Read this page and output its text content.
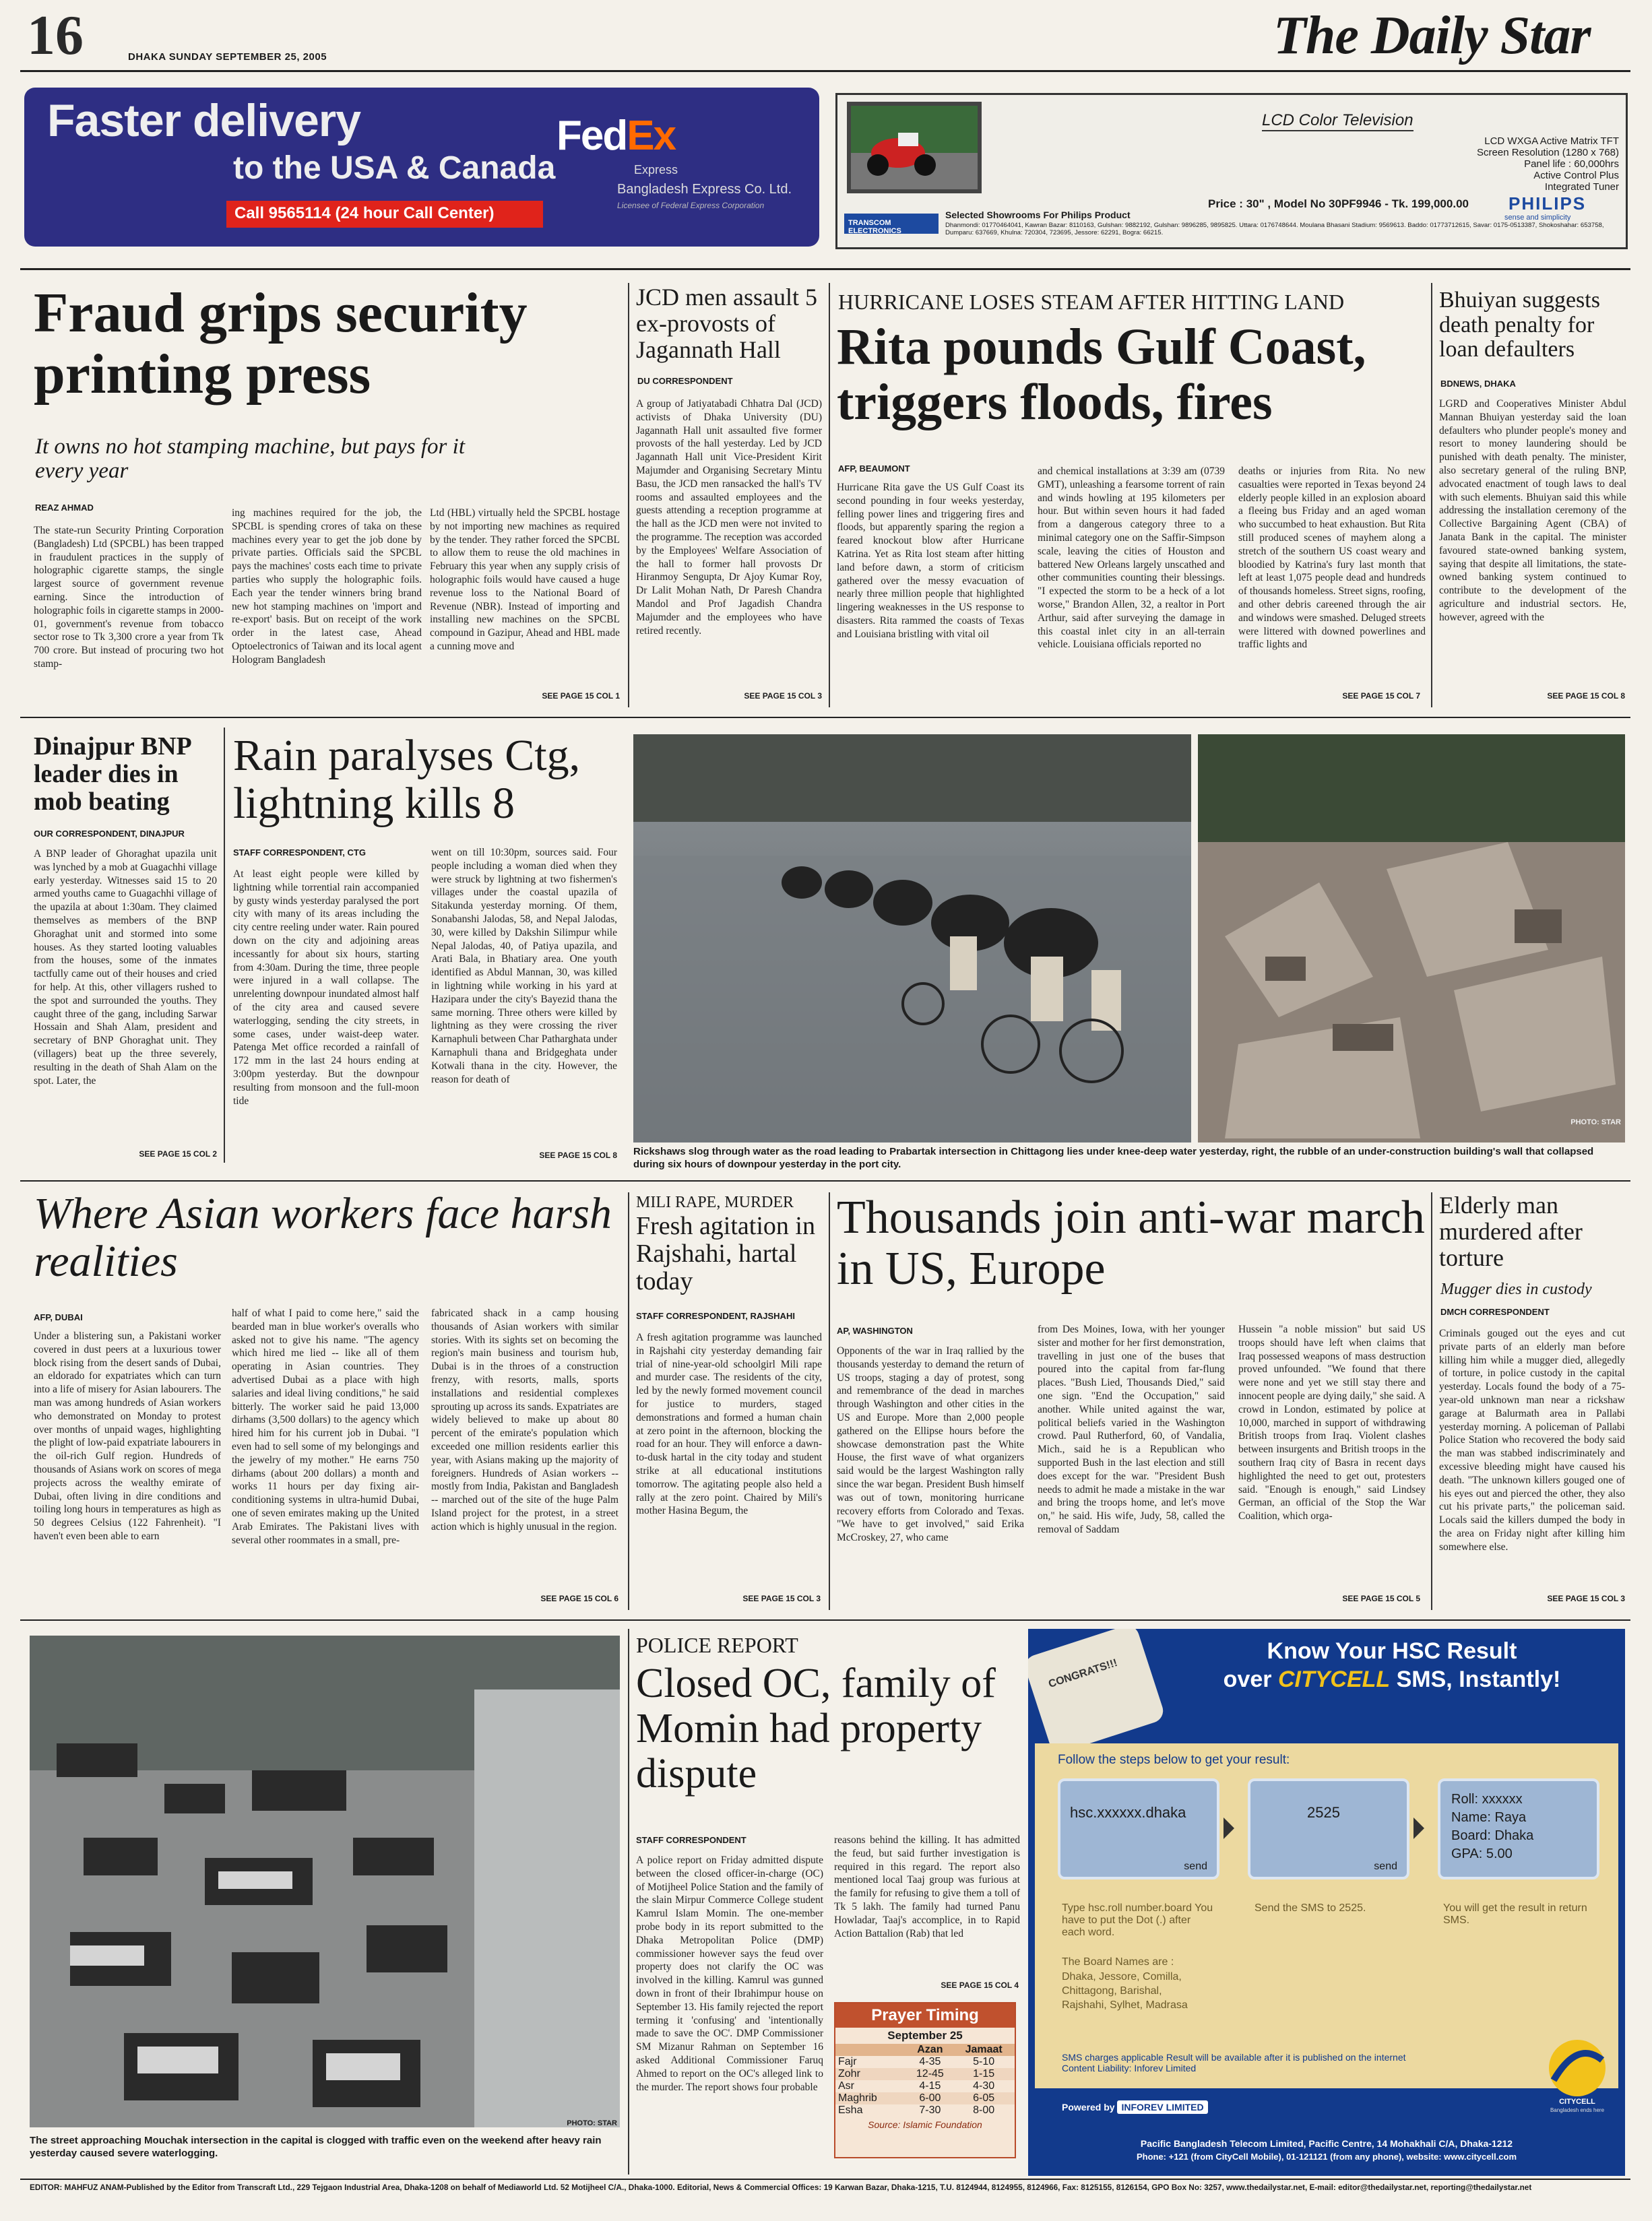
16	DHAKA SUNDAY SEPTEMBER 25, 2005	The Daily Star
Faster delivery
to the USA & Canada
Call 9565114 (24 hour Call Center)
FedEx
Express
Bangladesh Express Co. Ltd.
Licensee of Federal Express Corporation
LCD Color Television
LCD WXGA Active Matrix TFT
Screen Resolution (1280 x 768)
Panel life : 60,000hrs
Active Control Plus
Integrated Tuner
Price : 30" , Model No 30PF9946 - Tk. 199,000.00 PHILIPS
sense and simplicity
TRANSCOM ELECTRONICS
Selected Showrooms For Philips Product
Dhanmondi: 01770464041, Kawran Bazar: 8110163, Gulshan: 9882192, Gulshan: 9896285, 9895825. Uttara: 0176748644. Moulana Bhasani Stadium: 9569613. Baddo: 01773712615, Savar: 0175-0513387, Shokoshahar: 653758, Dumparu: 637669, Khulna: 720304, 723695, Jessore: 62291, Bogra: 66215.
Fraud grips security printing press
It owns no hot stamping machine, but pays for it every year
REAZ AHMAD
The state-run Security Printing Corporation (Bangladesh) Ltd (SPCBL) has been trapped in fraudulent practices in the supply of holographic cigarette stamps, the single largest source of government revenue earning. Since the introduction of holographic foils in cigarette stamps in 2000-01, government's revenue from tobacco sector rose to Tk 3,300 crore a year from Tk 700 crore. But instead of procuring two hot stamp-
ing machines required for the job, the SPCBL is spending crores of taka on these machines every year to get the job done by private parties. Officials said the SPCBL pays the machines' costs each time to private parties who supply the holographic foils. Each year the tender winners bring brand new hot stamping machines on 'import and re-export' basis. But on receipt of the work order in the latest case, Ahead Optoelectronics of Taiwan and its local agent Hologram Bangladesh
Ltd (HBL) virtually held the SPCBL hostage by not importing new machines as required by the tender. They rather forced the SPCBL to allow them to reuse the old machines in February this year when any supply crisis of holographic foils would have caused a huge revenue loss to the National Board of Revenue (NBR). Instead of importing and installing new machines on the SPCBL compound in Gazipur, Ahead and HBL made a cunning move and
SEE PAGE 15 COL 1
JCD men assault 5 ex-provosts of Jagannath Hall
DU CORRESPONDENT
A group of Jatiyatabadi Chhatra Dal (JCD) activists of Dhaka University (DU) Jagannath Hall unit assaulted five former provosts of the hall yesterday. Led by JCD Jagannath Hall unit Vice-President Kirit Majumder and Organising Secretary Mintu Basu, the JCD men ransacked the hall's TV rooms and assaulted employees and the guests attending a reception programme at the hall as the JCD men were not invited to the programme. The reception was accorded by the Employees' Welfare Association of the hall to former hall provosts Dr Hiranmoy Sengupta, Dr Ajoy Kumar Roy, Dr Lalit Mohan Nath, Dr Paresh Chandra Mandol and Prof Jagadish Chandra Majumder and the employees who have retired recently.
SEE PAGE 15 COL 3
HURRICANE LOSES STEAM AFTER HITTING LAND
Rita pounds Gulf Coast, triggers floods, fires
AFP, BEAUMONT
Hurricane Rita gave the US Gulf Coast its second pounding in four weeks yesterday, felling power lines and triggering fires and floods, but apparently sparing the region a feared knockout blow after Hurricane Katrina. Yet as Rita lost steam after hitting land before dawn, a storm of criticism gathered over the messy evacuation of nearly three million people that highlighted lingering weaknesses in the US response to disasters. Rita rammed the coasts of Texas and Louisiana bristling with vital oil
and chemical installations at 3:39 am (0739 GMT), unleashing a fearsome torrent of rain and winds howling at 195 kilometers per hour. But within seven hours it had faded from a dangerous category three to a minimal category one on the Saffir-Simpson scale, leaving the cities of Houston and battered New Orleans largely unscathed and other communities counting their blessings. "I expected the storm to be a heck of a lot worse," Brandon Allen, 32, a realtor in Port Arthur, said after surveying the damage in this coastal inlet city in an all-terrain vehicle. Louisiana officials reported no
deaths or injuries from Rita. No new casualties were reported in Texas beyond 24 elderly people killed in an explosion aboard a fleeing bus Friday and an aged woman who succumbed to heat exhaustion. But Rita still produced scenes of mayhem along a stretch of the southern US coast weary and bloodied by Katrina's fury last month that left at least 1,075 people dead and hundreds of thousands homeless. Street signs, roofing, and other debris careened through the air and windows were smashed. Deluged streets were littered with downed powerlines and traffic lights and
SEE PAGE 15 COL 7
Bhuiyan suggests death penalty for loan defaulters
BDNEWS, DHAKA
LGRD and Cooperatives Minister Abdul Mannan Bhuiyan yesterday said the loan defaulters who plunder people's money and resort to money laundering should be punished with death penalty. The minister, also secretary general of the ruling BNP, advocated enactment of tough laws to deal with such elements. Bhuiyan said this while addressing the installation ceremony of the Collective Bargaining Agent (CBA) of Janata Bank in the capital. The minister favoured state-owned banking system, saying that despite all limitations, the state-owned banking system continued to contribute to the development of the agriculture and industrial sectors. He, however, agreed with the
SEE PAGE 15 COL 8
Dinajpur BNP leader dies in mob beating
OUR CORRESPONDENT, DINAJPUR
A BNP leader of Ghoraghat upazila unit was lynched by a mob at Guagachhi village early yesterday. Witnesses said 15 to 20 armed youths came to Guagachhi village of the upazila at about 1:30am. They claimed themselves as members of the BNP Ghoraghat unit and stormed into some houses. As they started looting valuables from the houses, some of the inmates tactfully came out of their houses and cried for help. At this, other villagers rushed to the spot and surrounded the youths. They caught three of the gang, including Sarwar Hossain and Shah Alam, president and secretary of BNP Ghoraghat unit. They (villagers) beat up the three severely, resulting in the death of Shah Alam on the spot. Later, the
SEE PAGE 15 COL 2
Rain paralyses Ctg, lightning kills 8
STAFF CORRESPONDENT, CTG
At least eight people were killed by lightning while torrential rain accompanied by gusty winds yesterday paralysed the port city with many of its areas including the city centre reeling under water. Rain poured down on the city and adjoining areas incessantly for about six hours, starting from 4:30am. During the time, three people were injured in a wall collapse. The unrelenting downpour inundated almost half of the city area and caused severe waterlogging, sending the city streets, in some cases, under waist-deep water. Patenga Met office recorded a rainfall of 172 mm in the last 24 hours ending at 3:00pm yesterday. But the downpour resulting from monsoon and the full-moon tide
went on till 10:30pm, sources said. Four people including a woman died when they were struck by lightning at two fishermen's villages under the coastal upazila of Sitakunda yesterday morning. Of them, Sonabanshi Jalodas, 58, and Nepal Jalodas, 30, were killed by Dakshin Silimpur while Nepal Jalodas, 40, of Patiya upazila, and Arati Bala, in Bhatiary area. One youth identified as Abdul Mannan, 30, was killed in lightning while working in his yard at Hazipara under the city's Bayezid thana the same morning. Three others were killed by lightning as they were crossing the river Karnaphuli between Char Patharghata under Karnaphuli thana and Bridgeghata under Kotwali thana in the city. However, the reason for death of
SEE PAGE 15 COL 8
PHOTO: STAR
Rickshaws slog through water as the road leading to Prabartak intersection in Chittagong lies under knee-deep water yesterday, right, the rubble of an under-construction building's wall that collapsed during six hours of downpour yesterday in the port city.
Where Asian workers face harsh realities
AFP, DUBAI
Under a blistering sun, a Pakistani worker covered in dust peers at a luxurious tower block rising from the desert sands of Dubai, an eldorado for expatriates which can turn into a life of misery for Asian labourers. The man was among hundreds of Asian workers who demonstrated on Monday to protest over months of unpaid wages, highlighting the plight of low-paid expatriate labourers in the oil-rich Gulf region. Hundreds of thousands of Asians work on scores of mega projects across the wealthy emirate of Dubai, often living in dire conditions and toiling long hours in temperatures as high as 50 degrees Celsius (122 Fahrenheit). "I haven't even been able to earn
half of what I paid to come here," said the bearded man in blue worker's overalls who asked not to give his name. "The agency which hired me lied -- like all of them operating in Asian countries. They advertised Dubai as a place with high salaries and ideal living conditions," he said bitterly. The worker said he paid 13,000 dirhams (3,500 dollars) to the agency which hired him for his current job in Dubai. "I even had to sell some of my belongings and the jewelry of my mother." He earns 750 dirhams (about 200 dollars) a month and works 11 hours per day fixing air-conditioning systems in ultra-humid Dubai, one of seven emirates making up the United Arab Emirates. The Pakistani lives with several other roommates in a small, pre-
fabricated shack in a camp housing thousands of Asian workers with similar stories. With its sights set on becoming the region's main business and tourism hub, Dubai is in the throes of a construction frenzy, with resorts, malls, sports installations and residential complexes sprouting up across its sands. Expatriates are widely believed to make up about 80 percent of the emirate's population which exceeded one million residents earlier this year, with Asians making up the majority of foreigners. Hundreds of Asian workers -- mostly from India, Pakistan and Bangladesh -- marched out of the site of the huge Palm Island project for the protest, in a street action which is highly unusual in the region.
SEE PAGE 15 COL 6
MILI RAPE, MURDER
Fresh agitation in Rajshahi, hartal today
STAFF CORRESPONDENT, RAJSHAHI
A fresh agitation programme was launched in Rajshahi city yesterday demanding fair trial of nine-year-old schoolgirl Mili rape and murder case. The residents of the city, led by the newly formed movement council for justice to murders, staged demonstrations and formed a human chain at zero point in the afternoon, blocking the road for an hour. They will enforce a dawn-to-dusk hartal in the city today and student strike at all educational institutions tomorrow. The agitating people also held a rally at the zero point. Chaired by Mili's mother Hasina Begum, the
SEE PAGE 15 COL 3
Thousands join anti-war march in US, Europe
AP, WASHINGTON
Opponents of the war in Iraq rallied by the thousands yesterday to demand the return of US troops, staging a day of protest, song and remembrance of the dead in marches through Washington and other cities in the US and Europe. More than 2,000 people gathered on the Ellipse hours before the showcase demonstration past the White House, the first wave of what organizers said would be the largest Washington rally since the war began. President Bush himself was out of town, monitoring hurricane recovery efforts from Colorado and Texas. "We have to get involved," said Erika McCroskey, 27, who came
from Des Moines, Iowa, with her younger sister and mother for her first demonstration, travelling in just one of the buses that poured into the capital from far-flung places. "Bush Lied, Thousands Died," said one sign. "End the Occupation," said another. While united against the war, political beliefs varied in the Washington crowd. Paul Rutherford, 60, of Vandalia, Mich., said he is a Republican who supported Bush in the last election and still does except for the war. "President Bush needs to admit he made a mistake in the war and bring the troops home, and let's move on," he said. His wife, Judy, 58, called the removal of Saddam
Hussein "a noble mission" but said US troops should have left when claims that Iraq possessed weapons of mass destruction proved unfounded. "We found that there were none and yet we still stay there and innocent people are dying daily," she said. A crowd in London, estimated by police at 10,000, marched in support of withdrawing British troops from Iraq. Violent clashes between insurgents and British troops in the southern Iraq city of Basra in recent days highlighted the need to get out, protesters said. "Enough is enough," said Lindsey German, an official of the Stop the War Coalition, which orga-
SEE PAGE 15 COL 5
Elderly man murdered after torture
Mugger dies in custody
DMCH CORRESPONDENT
Criminals gouged out the eyes and cut private parts of an elderly man before killing him while a mugger died, allegedly of torture, in police custody in the capital yesterday. Locals found the body of a 75-year-old unknown man near a rickshaw garage at Balurmath area in Pallabi yesterday morning. A policeman of Pallabi Police Station who recovered the body said the man was stabbed indiscriminately and excessive bleeding might have caused his death. "The unknown killers gouged one of his eyes out and pierced the other, they also cut his private parts," the policeman said. Locals said the killers dumped the body in the area on Friday night after killing him somewhere else.
SEE PAGE 15 COL 3
PHOTO: STAR
The street approaching Mouchak intersection in the capital is clogged with traffic even on the weekend after heavy rain yesterday caused severe waterlogging.
POLICE REPORT
Closed OC, family of Momin had property dispute
STAFF CORRESPONDENT
A police report on Friday admitted dispute between the closed officer-in-charge (OC) of Motijheel Police Station and the family of the slain Mirpur Commerce College student Kamrul Islam Momin. The one-member probe body in its report submitted to the Dhaka Metropolitan Police (DMP) commissioner however says the feud over property does not clarify the OC was involved in the killing. Kamrul was gunned down in front of their Ibrahimpur house on September 13. His family rejected the report terming it 'confusing' and 'intentionally made to save the OC'. DMP Commissioner SM Mizanur Rahman on September 16 asked Additional Commissioner Faruq Ahmed to report on the OC's alleged link to the murder. The report shows four probable
reasons behind the killing. It has admitted the feud, but said further investigation is required in this regard. The report also mentioned local Taaj group was furious at the family for refusing to give them a toll of Tk 5 lakh. The family had turned Panu Howladar, Taaj's accomplice, in to Rapid Action Battalion (Rab) that led
SEE PAGE 15 COL 4
Prayer Timing
September 25
	Azan	Jamaat
Fajr	4-35	5-10
Zohr	12-45	1-15
Asr	4-15	4-30
Maghrib	6-00	6-05
Esha	7-30	8-00
Source: Islamic Foundation
CONGRATS!!!
Know Your HSC Result
over CITYCELL SMS, Instantly!
Follow the steps below to get your result:
hsc.xxxxxx.dhaka
send
2525
send
Roll: xxxxxx
Name: Raya
Board: Dhaka
GPA: 5.00
Type hsc.roll number.board You have to put the Dot (.) after each word.
Send the SMS to 2525.	You will get the result in return SMS.
The Board Names are :
Dhaka, Jessore, Comilla, Chittagong, Barishal, Rajshahi, Sylhet, Madrasa
SMS charges applicable Result will be available after it is published on the internet Content Liability: Inforev Limited
Powered by INFOREV LIMITED	CITYCELL
Bangladesh ends here
Pacific Bangladesh Telecom Limited, Pacific Centre, 14 Mohakhali C/A, Dhaka-1212
Phone: +121 (from CityCell Mobile), 01-121121 (from any phone), website: www.citycell.com
EDITOR: MAHFUZ ANAM-Published by the Editor from Transcraft Ltd., 229 Tejgaon Industrial Area, Dhaka-1208 on behalf of Mediaworld Ltd. 52 Motijheel C/A., Dhaka-1000. Editorial, News & Commercial Offices: 19 Karwan Bazar, Dhaka-1215, T.U. 8124944, 8124955, 8124966, Fax: 8125155, 8126154, GPO Box No: 3257, www.thedailystar.net, E-mail: editor@thedailystar.net, reporting@thedailystar.net
